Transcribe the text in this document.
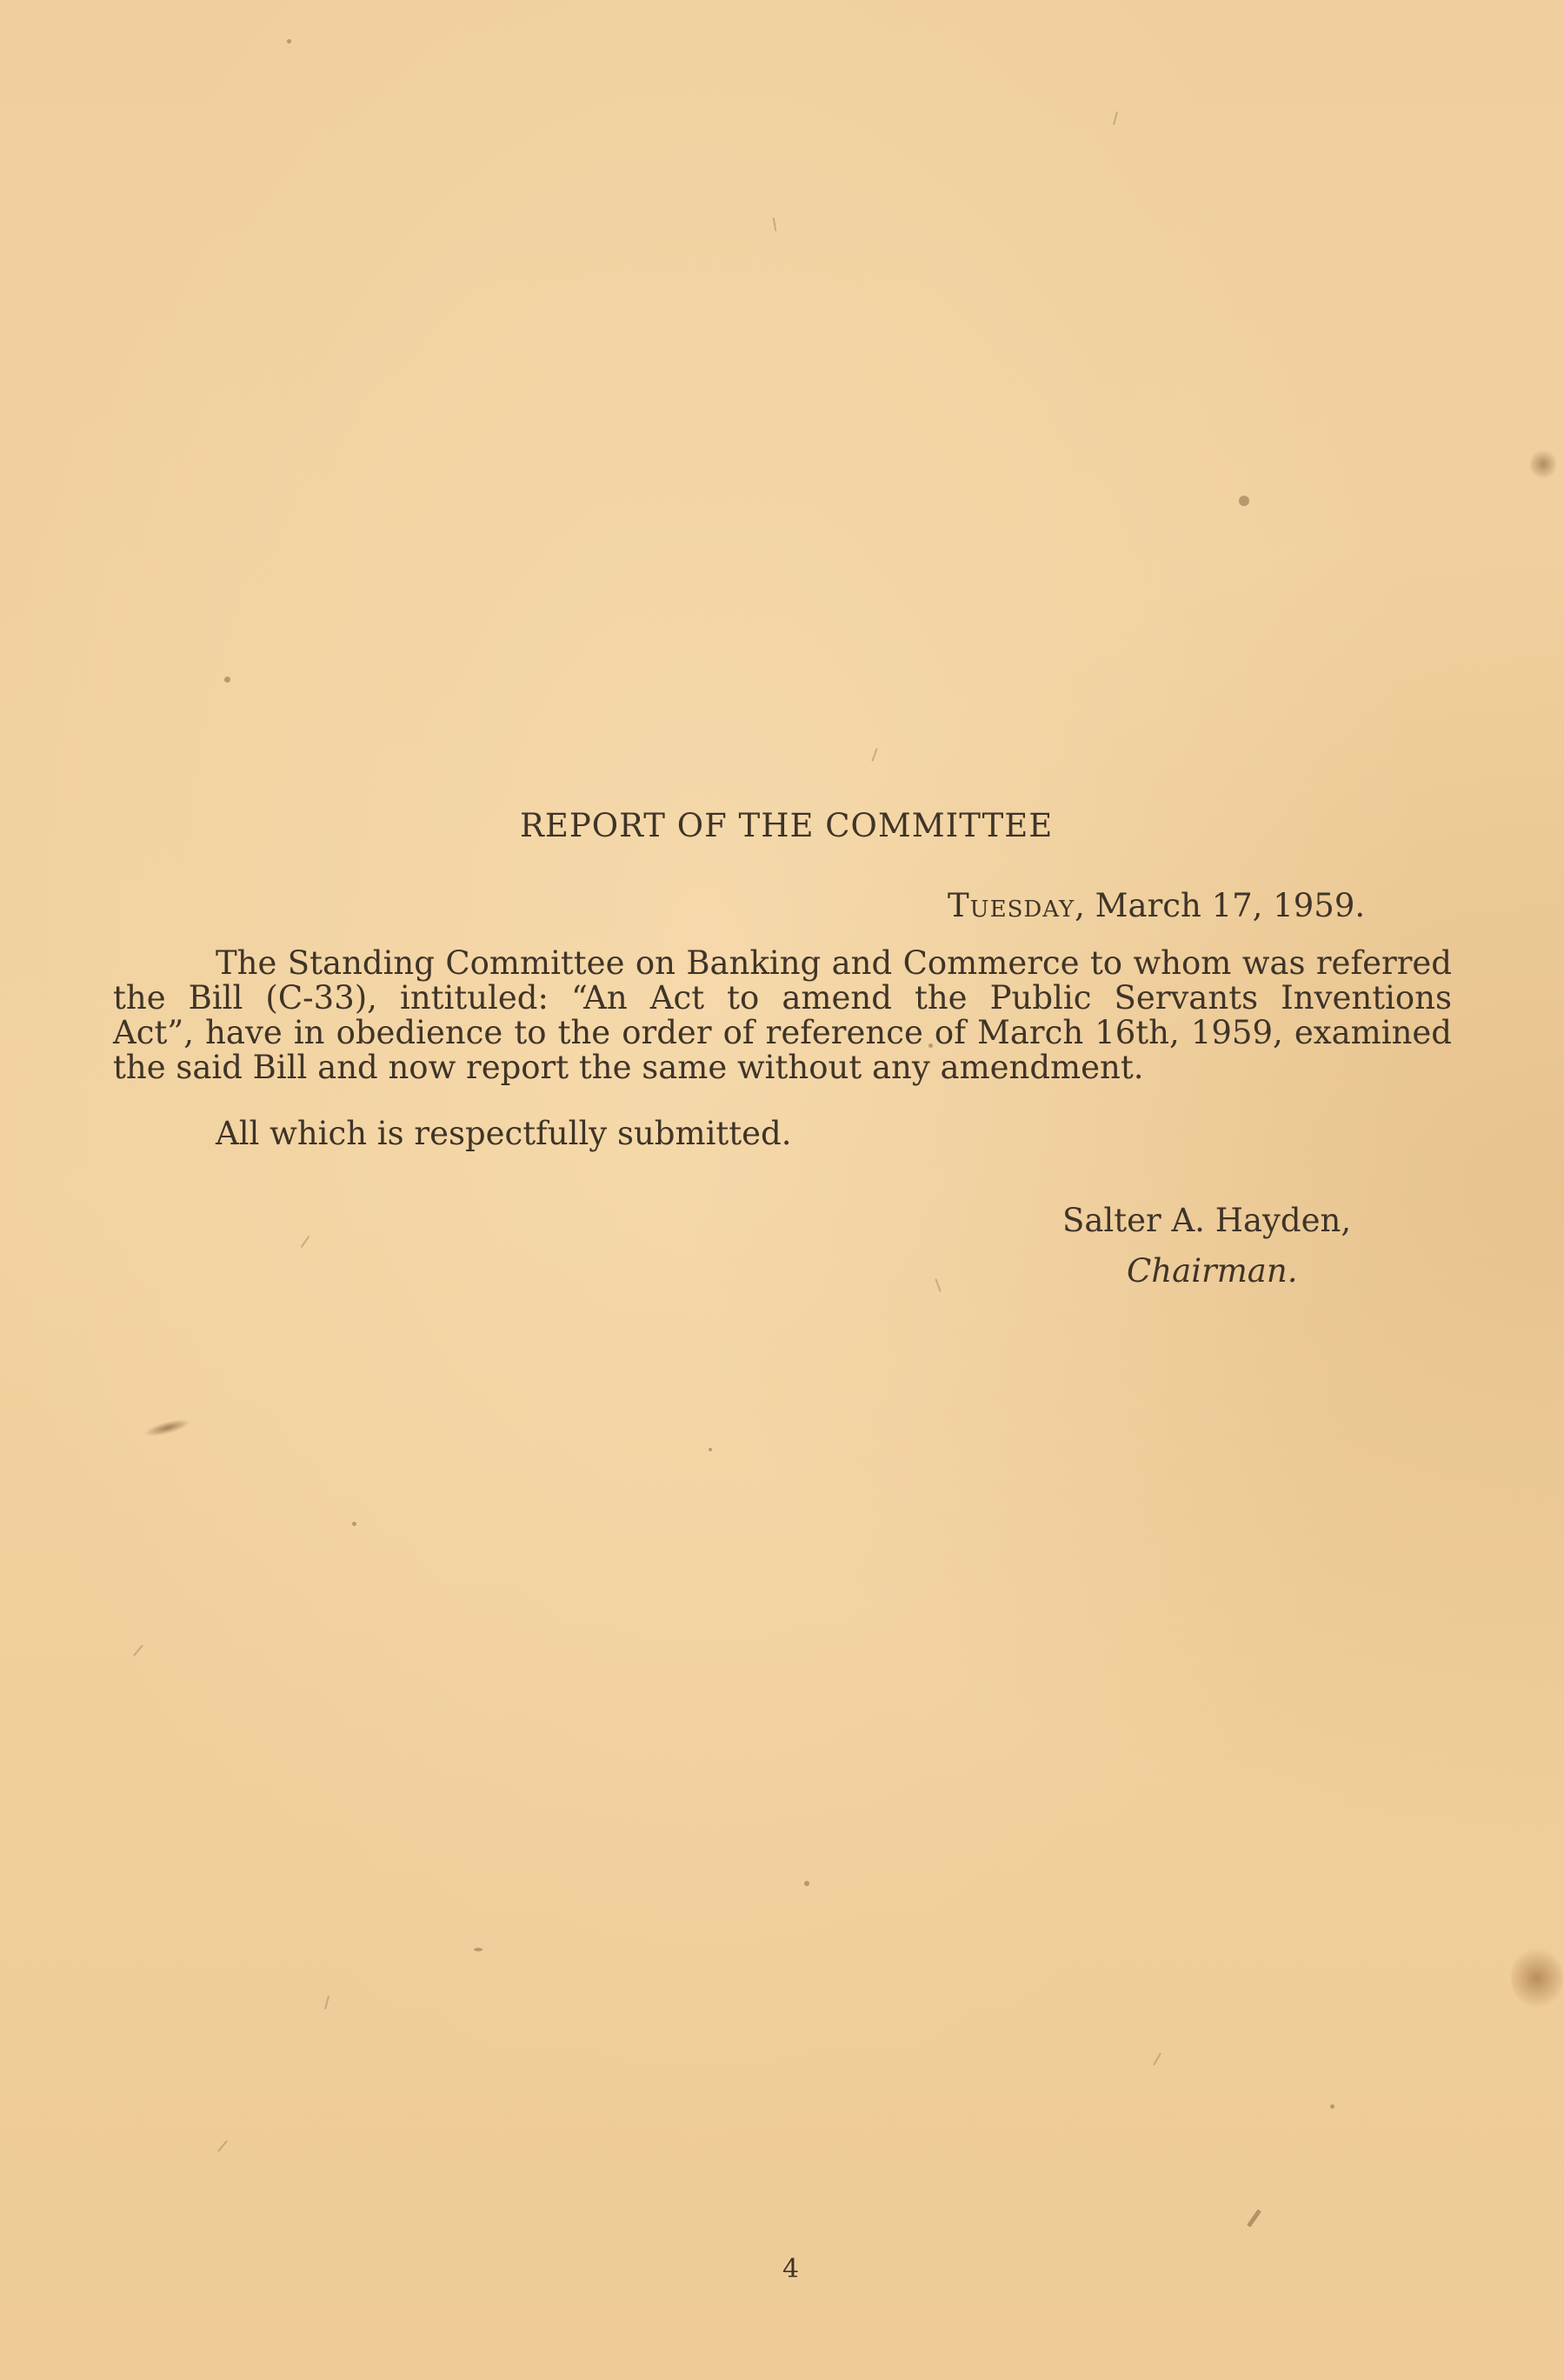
REPORT OF THE COMMITTEE
Tuesday, March 17, 1959.
The Standing Committee on Banking and Commerce to whom was referred
the Bill (C-33), intituled: “An Act to amend the Public Servants Inventions
Act”, have in obedience to the order of reference of March 16th, 1959, examined
the said Bill and now report the same without any amendment.
All which is respectfully submitted.
Salter A. Hayden,
Chairman.
4
